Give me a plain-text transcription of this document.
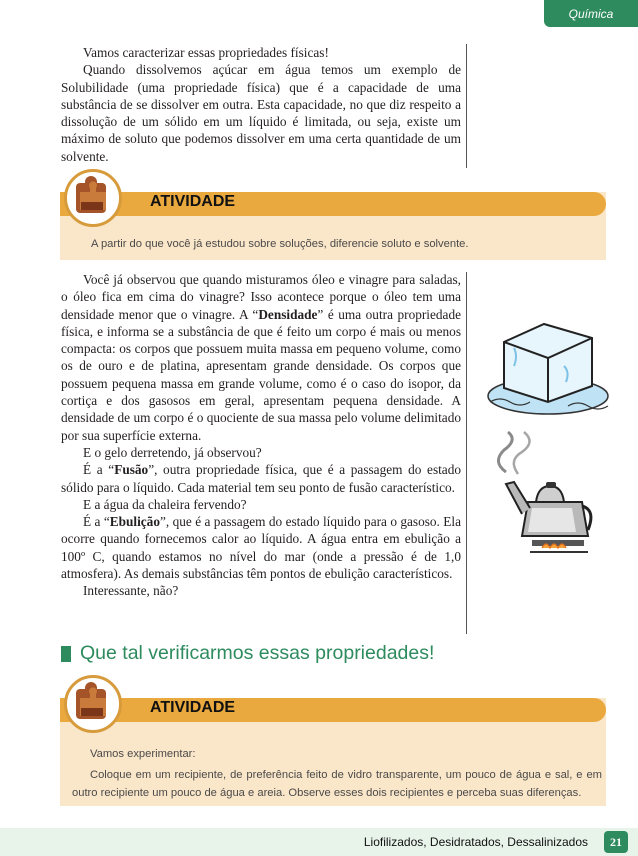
Química

Vamos caracterizar essas propriedades físicas!

Quando dissolvemos açúcar em água temos um exemplo de Solubilidade (uma propriedade física) que é a capacidade de uma substância de se dissolver em outra. Esta capacidade, no que diz respeito a dissolução de um sólido em um líquido é limitada, ou seja, existe um máximo de soluto que podemos dissolver em uma certa quantidade de um solvente.

ATIVIDADE
A partir do que você já estudou sobre soluções, diferencie soluto e solvente.

Você já observou que quando misturamos óleo e vinagre para saladas, o óleo fica em cima do vinagre? Isso acontece porque o óleo tem uma densidade menor que o vinagre. A “Densidade” é uma outra propriedade física, e informa se a substância de que é feito um corpo é mais ou menos compacta: os corpos que possuem muita massa em pequeno volume, como os de ouro e de platina, apresentam grande densidade. Os corpos que possuem pequena massa em grande volume, como é o caso do isopor, da cortiça e dos gasosos em geral, apresentam pequena densidade. A densidade de um corpo é o quociente de sua massa pelo volume delimitado por sua superfície externa.

E o gelo derretendo, já observou?

É a “Fusão”, outra propriedade física, que é a passagem do estado sólido para o líquido. Cada material tem seu ponto de fusão característico.

E a água da chaleira fervendo?

É a “Ebulição”, que é a passagem do estado líquido para o gasoso. Ela ocorre quando fornecemos calor ao líquido. A água entra em ebulição a 100º C, quando estamos no nível do mar (onde a pressão é de 1,0 atmosfera). As demais substâncias têm pontos de ebulição característicos.

Interessante, não?

Que tal verificarmos essas propriedades!
ATIVIDADE
Vamos experimentar:
Coloque em um recipiente, de preferência feito de vidro transparente, um pouco de água e sal, e em outro recipiente um pouco de água e areia. Observe esses dois recipientes e perceba suas diferenças.
Liofilizados, Desidratados, Dessalinizados	21
